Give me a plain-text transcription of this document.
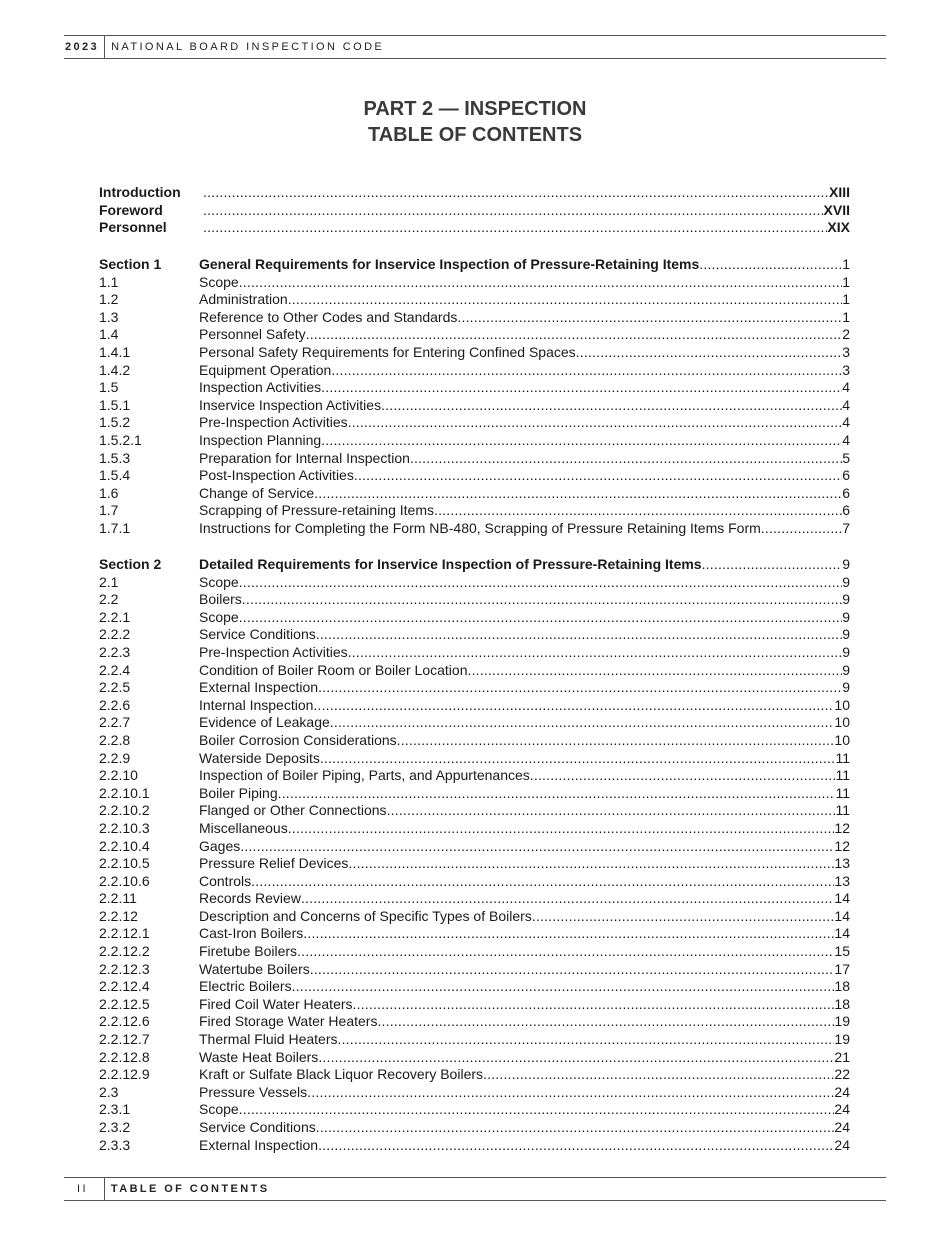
2023	NATIONAL BOARD INSPECTION CODE
PART 2 — INSPECTION
TABLE OF CONTENTS
Introduction .....	XIII
Foreword .....	XVII
Personnel .....	XIX
Section 1	General Requirements for Inservice Inspection of Pressure-Retaining Items .....	1
1.1	Scope .....	1
1.2	Administration .....	1
1.3	Reference to Other Codes and Standards .....	1
1.4	Personnel Safety .....	2
1.4.1	Personal Safety Requirements for Entering Confined Spaces .....	3
1.4.2	Equipment Operation .....	3
1.5	Inspection Activities .....	4
1.5.1	Inservice Inspection Activities .....	4
1.5.2	Pre-Inspection Activities .....	4
1.5.2.1	Inspection Planning .....	4
1.5.3	Preparation for Internal Inspection .....	5
1.5.4	Post-Inspection Activities .....	6
1.6	Change of Service .....	6
1.7	Scrapping of Pressure-retaining Items .....	6
1.7.1	Instructions for Completing the Form NB-480, Scrapping of Pressure Retaining Items Form .....	7
Section 2	Detailed Requirements for Inservice Inspection of Pressure-Retaining Items .....	9
2.1	Scope .....	9
2.2	Boilers .....	9
2.2.1	Scope .....	9
2.2.2	Service Conditions .....	9
2.2.3	Pre-Inspection Activities .....	9
2.2.4	Condition of Boiler Room or Boiler Location .....	9
2.2.5	External Inspection .....	9
2.2.6	Internal Inspection .....	10
2.2.7	Evidence of Leakage .....	10
2.2.8	Boiler Corrosion Considerations .....	10
2.2.9	Waterside Deposits .....	11
2.2.10	Inspection of Boiler Piping, Parts, and Appurtenances .....	11
2.2.10.1	Boiler Piping .....	11
2.2.10.2	Flanged or Other Connections .....	11
2.2.10.3	Miscellaneous .....	12
2.2.10.4	Gages .....	12
2.2.10.5	Pressure Relief Devices .....	13
2.2.10.6	Controls .....	13
2.2.11	Records Review .....	14
2.2.12	Description and Concerns of Specific Types of Boilers .....	14
2.2.12.1	Cast-Iron Boilers .....	14
2.2.12.2	Firetube Boilers .....	15
2.2.12.3	Watertube Boilers .....	17
2.2.12.4	Electric Boilers .....	18
2.2.12.5	Fired Coil Water Heaters .....	18
2.2.12.6	Fired Storage Water Heaters .....	19
2.2.12.7	Thermal Fluid Heaters .....	19
2.2.12.8	Waste Heat Boilers .....	21
2.2.12.9	Kraft or Sulfate Black Liquor Recovery Boilers .....	22
2.3	Pressure Vessels .....	24
2.3.1	Scope .....	24
2.3.2	Service Conditions .....	24
2.3.3	External Inspection .....	24
II	TABLE OF CONTENTS
